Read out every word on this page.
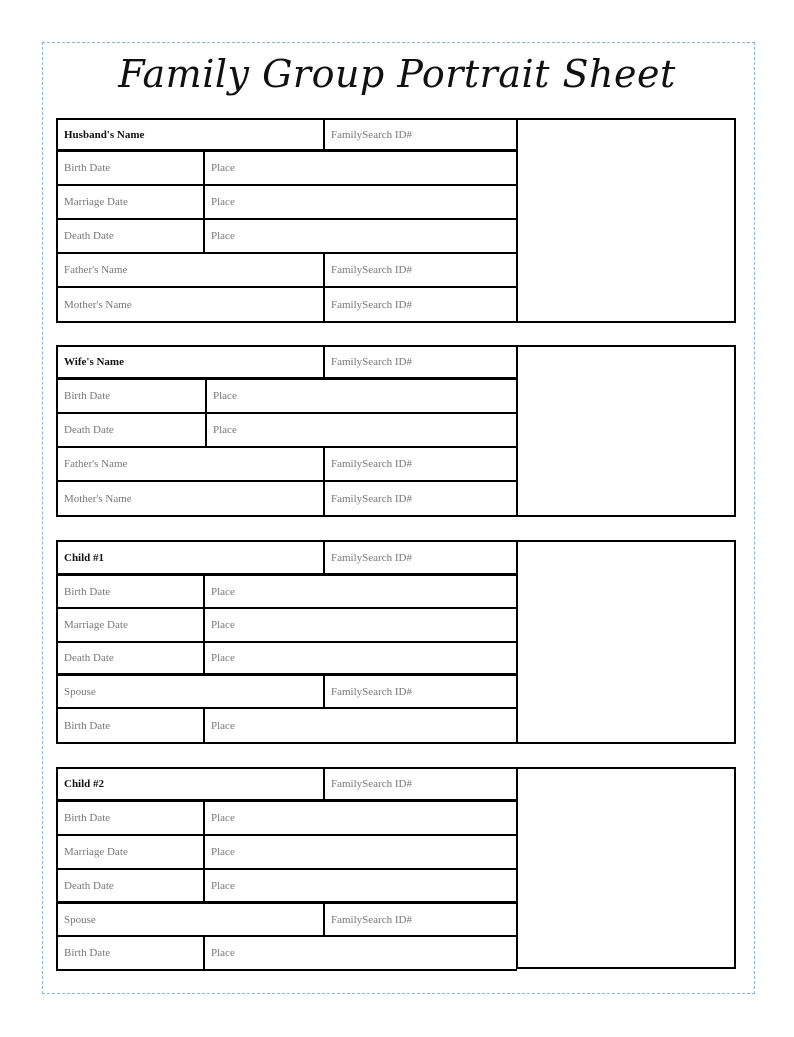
Family Group Portrait Sheet
Husband's Name	FamilySearch ID#
Birth Date	Place
Marriage Date	Place
Death Date	Place
Father's Name	FamilySearch ID#
Mother's Name	FamilySearch ID#
Wife's Name	FamilySearch ID#
Birth Date	Place
Death Date	Place
Father's Name	FamilySearch ID#
Mother's Name	FamilySearch ID#
Child #1	FamilySearch ID#
Birth Date	Place
Marriage Date	Place
Death Date	Place
Spouse	FamilySearch ID#
Birth Date	Place
Child #2	FamilySearch ID#
Birth Date	Place
Marriage Date	Place
Death Date	Place
Spouse	FamilySearch ID#
Birth Date	Place
